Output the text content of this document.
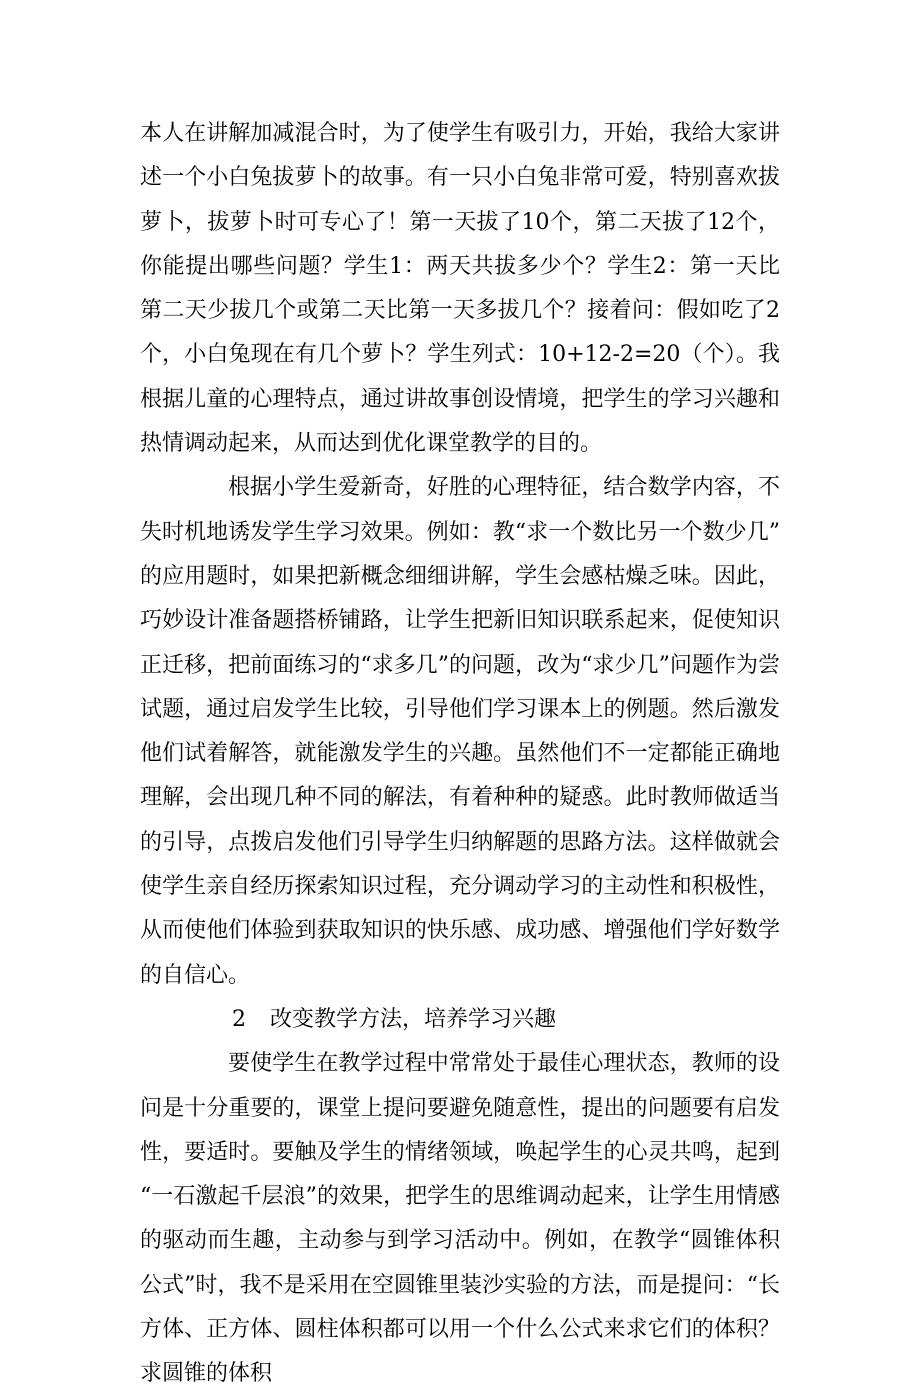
本人在讲解加减混合时，为了使学生有吸引力，开始，我给大家讲述一个小白兔拔萝卜的故事。有一只小白兔非常可爱，特别喜欢拔萝卜，拔萝卜时可专心了！第一天拔了10个，第二天拔了12个，你能提出哪些问题？学生1：两天共拔多少个？学生2：第一天比第二天少拔几个或第二天比第一天多拔几个？接着问：假如吃了2个，小白兔现在有几个萝卜？学生列式：10+12-2=20（个）。我根据儿童的心理特点，通过讲故事创设情境，把学生的学习兴趣和热情调动起来，从而达到优化课堂教学的目的。

根据小学生爱新奇，好胜的心理特征，结合数学内容，不失时机地诱发学生学习效果。例如：教“求一个数比另一个数少几”的应用题时，如果把新概念细细讲解，学生会感枯燥乏味。因此，巧妙设计准备题搭桥铺路，让学生把新旧知识联系起来，促使知识正迁移，把前面练习的“求多几”的问题，改为“求少几”问题作为尝试题，通过启发学生比较，引导他们学习课本上的例题。然后激发他们试着解答，就能激发学生的兴趣。虽然他们不一定都能正确地理解，会出现几种不同的解法，有着种种的疑惑。此时教师做适当的引导，点拨启发他们引导学生归纳解题的思路方法。这样做就会使学生亲自经历探索知识过程，充分调动学习的主动性和积极性，从而使他们体验到获取知识的快乐感、成功感、增强他们学好数学的自信心。

2 改变教学方法，培养学习兴趣

要使学生在教学过程中常常处于最佳心理状态，教师的设问是十分重要的，课堂上提问要避免随意性，提出的问题要有启发性，要适时。要触及学生的情绪领域，唤起学生的心灵共鸣，起到“一石激起千层浪”的效果，把学生的思维调动起来，让学生用情感的驱动而生趣，主动参与到学习活动中。例如，在教学“圆锥体积公式”时，我不是采用在空圆锥里装沙实验的方法，而是提问：“长方体、正方体、圆柱体积都可以用一个什么公式来求它们的体积？求圆锥的体积
